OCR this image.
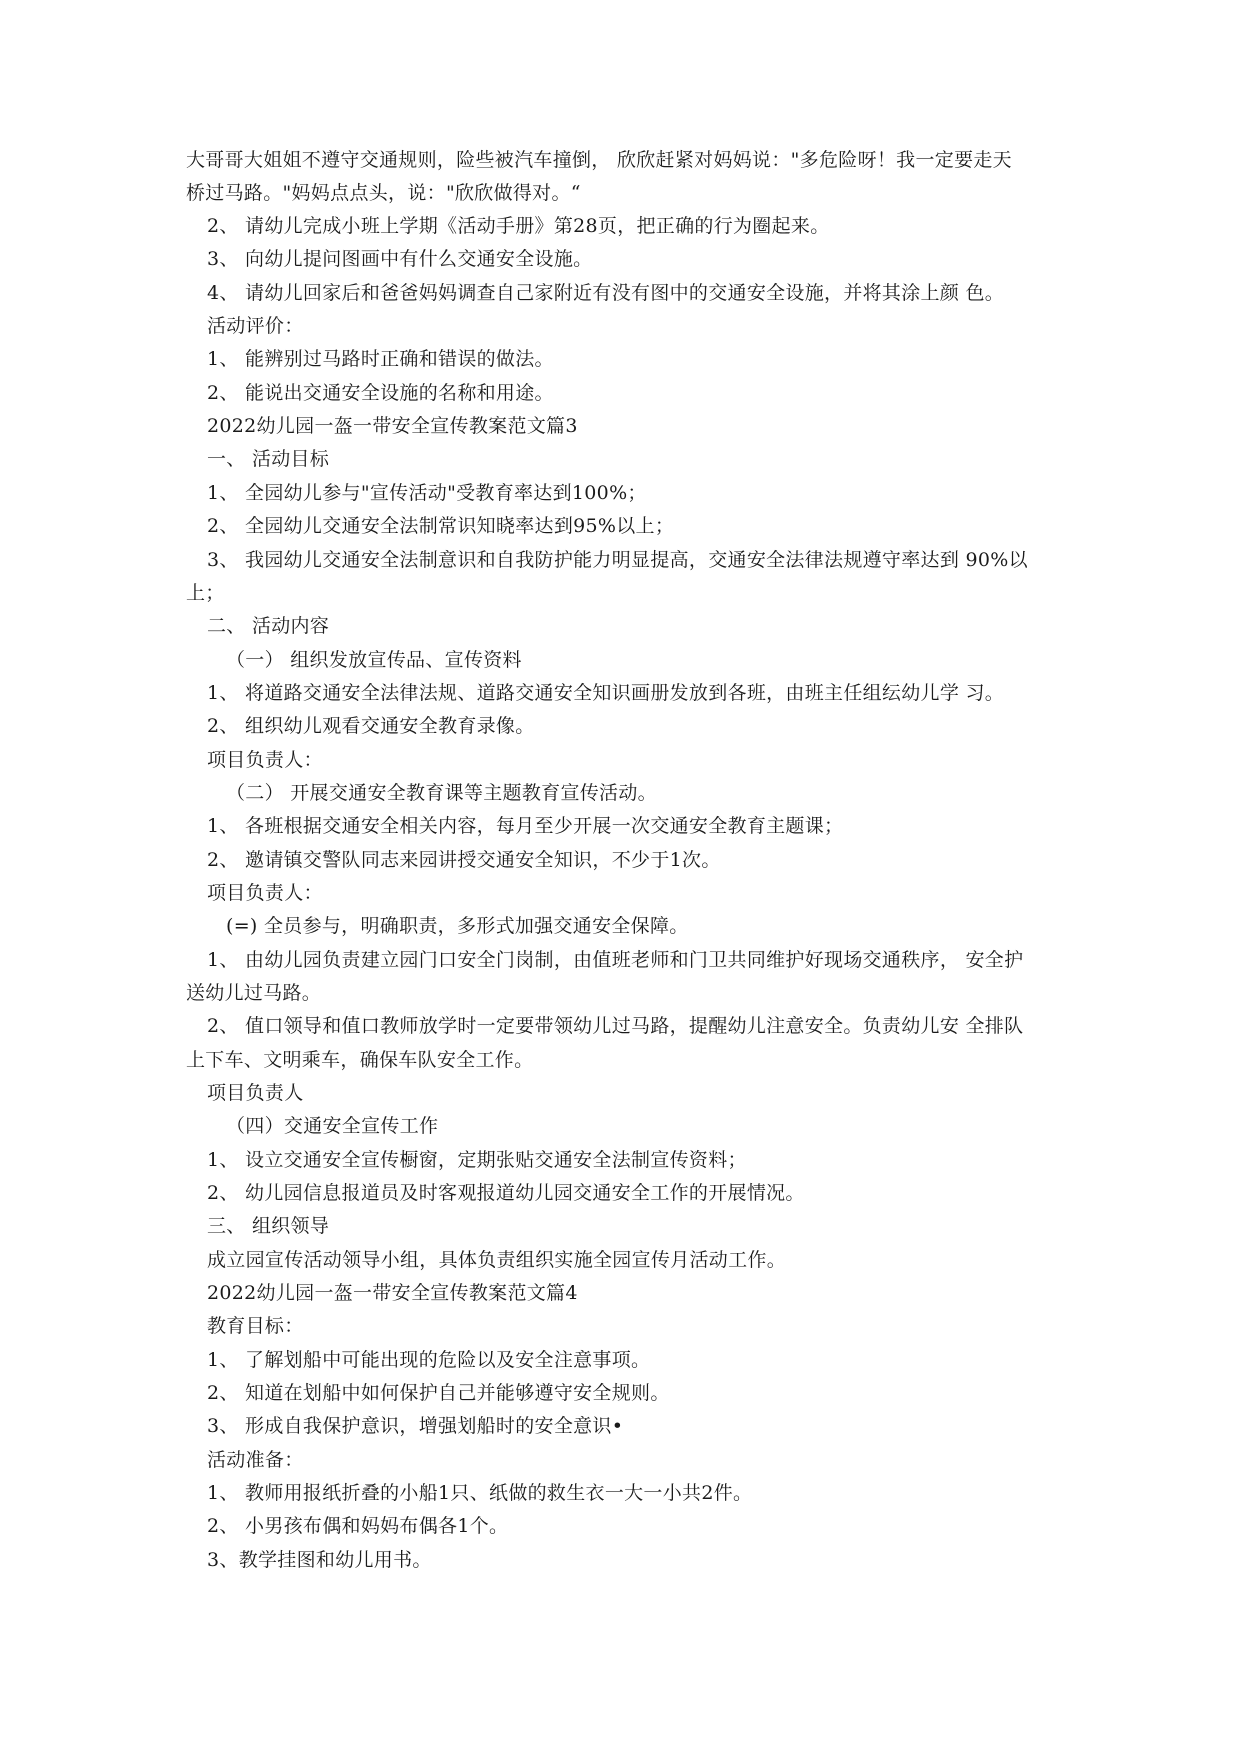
大哥哥大姐姐不遵守交通规则，险些被汽车撞倒， 欣欣赶紧对妈妈说："多危险呀！我一定要走天
桥过马路。"妈妈点点头，说："欣欣做得对。“
2、 请幼儿完成小班上学期《活动手册》第28页，把正确的行为圈起来。
3、 向幼儿提问图画中有什么交通安全设施。
4、 请幼儿回家后和爸爸妈妈调查自己家附近有没有图中的交通安全设施，并将其涂上颜 色。
活动评价：
1、 能辨别过马路时正确和错误的做法。
2、 能说出交通安全设施的名称和用途。
2022幼儿园一盔一带安全宣传教案范文篇3
一、 活动目标
1、 全园幼儿参与"宣传活动"受教育率达到100%；
2、 全园幼儿交通安全法制常识知晓率达到95%以上；
3、 我园幼儿交通安全法制意识和自我防护能力明显提高，交通安全法律法规遵守率达到 90%以
上；
二、 活动内容
（一） 组织发放宣传品、宣传资料
1、 将道路交通安全法律法规、道路交通安全知识画册发放到各班，由班主任组纭幼儿学 习。
2、 组织幼儿观看交通安全教育录像。
项目负责人：
（二） 开展交通安全教育课等主题教育宣传活动。
1、 各班根据交通安全相关内容，每月至少开展一次交通安全教育主题课；
2、 邀请镇交警队同志来园讲授交通安全知识，不少于1次。
项目负责人：
(=) 全员参与，明确职责，多形式加强交通安全保障。
1、 由幼儿园负责建立园门口安全门岗制，由值班老师和门卫共同维护好现场交通秩序， 安全护
送幼儿过马路。
2、 值口领导和值口教师放学时一定要带领幼儿过马路，提醒幼儿注意安全。负责幼儿安 全排队
上下车、文明乘车，确保车队安全工作。
项目负责人
（四）交通安全宣传工作
1、 设立交通安全宣传橱窗，定期张贴交通安全法制宣传资料；
2、 幼儿园信息报道员及时客观报道幼儿园交通安全工作的开展情况。
三、 组织领导
成立园宣传活动领导小组，具体负责组织实施全园宣传月活动工作。
2022幼儿园一盔一带安全宣传教案范文篇4
教育目标：
1、 了解划船中可能出现的危险以及安全注意事项。
2、 知道在划船中如何保护自己并能够遵守安全规则。
3、 形成自我保护意识，增强划船时的安全意识•
活动准备：
1、 教师用报纸折叠的小船1只、纸做的救生衣一大一小共2件。
2、 小男孩布偶和妈妈布偶各1个。
3、教学挂图和幼儿用书。
